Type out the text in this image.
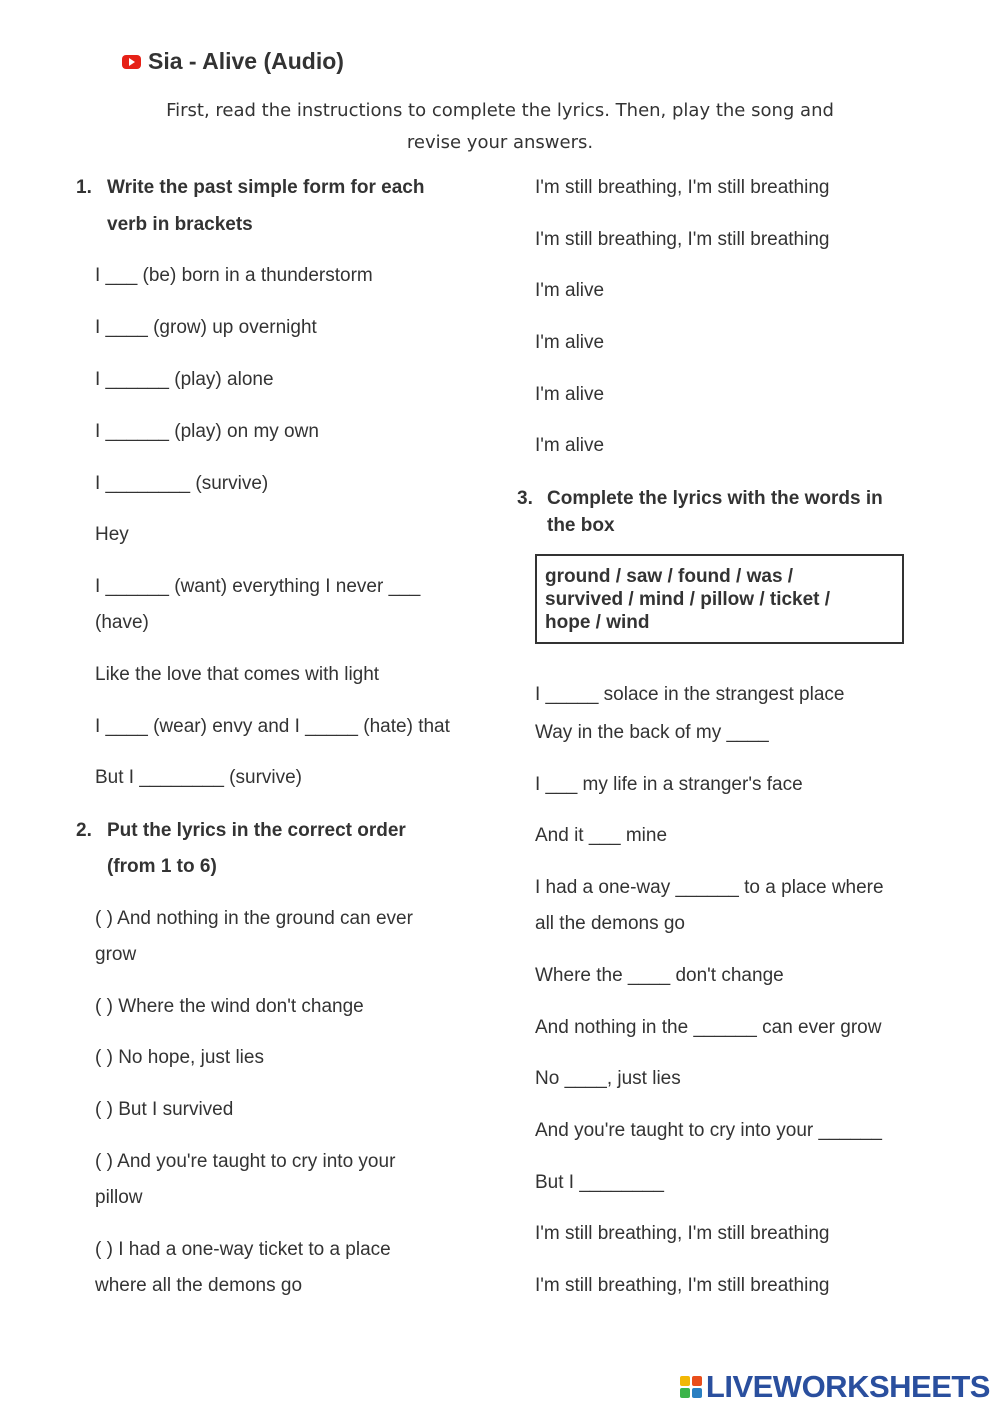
Sia - Alive (Audio)
First, read the instructions to complete the lyrics. Then, play the song and
revise your answers.
1. Write the past simple form for each
verb in brackets
I ___ (be) born in a thunderstorm
I ____ (grow) up overnight
I ______ (play) alone
I ______ (play) on my own
I ________ (survive)
Hey
I ______ (want) everything I never ___
(have)
Like the love that comes with light
I ____ (wear) envy and I _____ (hate) that
But I ________ (survive)
2. Put the lyrics in the correct order
(from 1 to 6)
( ) And nothing in the ground can ever
grow
( ) Where the wind don't change
( ) No hope, just lies
( ) But I survived
( ) And you're taught to cry into your
pillow
( ) I had a one-way ticket to a place
where all the demons go
I'm still breathing, I'm still breathing
I'm still breathing, I'm still breathing
I'm alive
I'm alive
I'm alive
I'm alive
3. Complete the lyrics with the words in
the box
ground / saw / found / was /
survived / mind / pillow / ticket /
hope / wind
I _____ solace in the strangest place
Way in the back of my ____
I ___ my life in a stranger's face
And it ___ mine
I had a one-way ______ to a place where
all the demons go
Where the ____ don't change
And nothing in the ______ can ever grow
No ____, just lies
And you're taught to cry into your ______
But I ________
I'm still breathing, I'm still breathing
I'm still breathing, I'm still breathing
LIVEWORKSHEETS
